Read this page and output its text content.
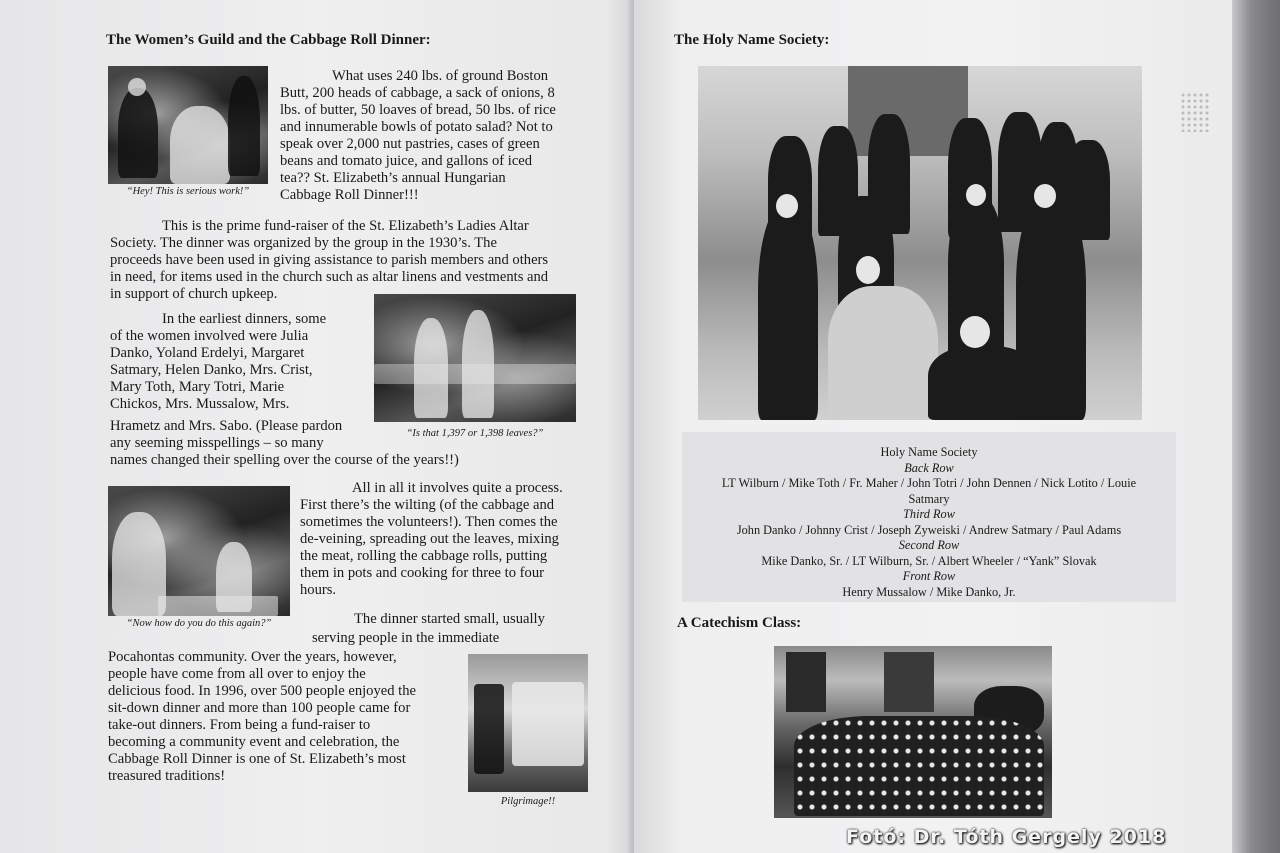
The Women’s Guild and the Cabbage Roll Dinner:
“Hey! This is serious work!”
What uses 240 lbs. of ground Boston
Butt, 200 heads of cabbage, a sack of onions, 8
lbs. of butter, 50 loaves of bread, 50 lbs. of rice
and innumerable bowls of potato salad? Not to
speak over 2,000 nut pastries, cases of green
beans and tomato juice, and gallons of iced
tea?? St. Elizabeth’s annual Hungarian
Cabbage Roll Dinner!!!
This is the prime fund-raiser of the St. Elizabeth’s Ladies Altar
Society. The dinner was organized by the group in the 1930’s. The
proceeds have been used in giving assistance to parish members and others
in need, for items used in the church such as altar linens and vestments and
in support of church upkeep.
“Is that 1,397 or 1,398 leaves?”
In the earliest dinners, some
of the women involved were Julia
Danko, Yoland Erdelyi, Margaret
Satmary, Helen Danko, Mrs. Crist,
Mary Toth, Mary Totri, Marie
Chickos, Mrs. Mussalow, Mrs.
Hrametz and Mrs. Sabo. (Please pardon
any seeming misspellings – so many
names changed their spelling over the course of the years!!)
“Now how do you do this again?”
All in all it involves quite a process.
First there’s the wilting (of the cabbage and
sometimes the volunteers!). Then comes the
de-veining, spreading out the leaves, mixing
the meat, rolling the cabbage rolls, putting
them in pots and cooking for three to four
hours.
The dinner started small, usually
serving people in the immediate
Pocahontas community. Over the years, however,
people have come from all over to enjoy the
delicious food. In 1996, over 500 people enjoyed the
sit-down dinner and more than 100 people came for
take-out dinners. From being a fund-raiser to
becoming a community event and celebration, the
Cabbage Roll Dinner is one of St. Elizabeth’s most
treasured traditions!
Pilgrimage!!
The Holy Name Society:
Holy Name Society
Back Row
LT Wilburn / Mike Toth / Fr. Maher / John Totri / John Dennen / Nick Lotito / Louie
Satmary
Third Row
John Danko / Johnny Crist / Joseph Zyweiski / Andrew Satmary / Paul Adams
Second Row
Mike Danko, Sr. / LT Wilburn, Sr. / Albert Wheeler / “Yank” Slovak
Front Row
Henry Mussalow / Mike Danko, Jr.
A Catechism Class:
Fotó: Dr. Tóth Gergely 2018
